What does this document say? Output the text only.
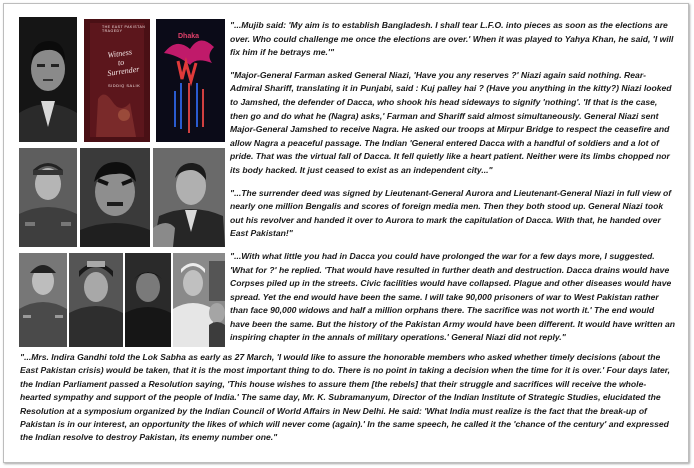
THE EAST PAKISTAN TRAGEDY
Witness
to
Surrender
SIDDIQ SALIK
Dhaka

"...Mujib said: 'My aim is to establish Bangladesh. I shall tear L.F.O. into pieces as soon as the elections are over. Who could challenge me once the elections are over.' When it was played to Yahya Khan, he said, 'I will fix him if he betrays me.'"

"Major-General Farman asked General Niazi, 'Have you any reserves ?' Niazi again said nothing. Rear-Admiral Shariff, translating it in Punjabi, said : Kuj palley hai ? (Have you anything in the kitty?) Niazi looked to Jamshed, the defender of Dacca, who shook his head sideways to signify 'nothing'. 'If that is the case, then go and do what he (Nagra) asks,' Farman and Shariff said almost simultaneously. General Niazi sent Major-General Jamshed to receive Nagra. He asked our troops at Mirpur Bridge to respect the ceasefire and allow Nagra a peaceful passage. The Indian 'General entered Dacca with a handful of soldiers and a lot of pride. That was the virtual fall of Dacca. It fell quietly like a heart patient. Neither were its limbs chopped nor its body hacked. It just ceased to exist as an independent city..."

"...The surrender deed was signed by Lieutenant-General Aurora and Lieutenant-General Niazi in full view of nearly one million Bengalis and scores of foreign media men. Then they both stood up. General Niazi took out his revolver and handed it over to Aurora to mark the capitulation of Dacca. With that, he handed over East Pakistan!"

"...With what little you had in Dacca you could have prolonged the war for a few days more, I suggested. 'What for ?' he replied. 'That would have resulted in further death and destruction. Dacca drains would have Corpses piled up in the streets. Civic facilities would have collapsed. Plague and other diseases would have spread. Yet the end would have been the same. I will take 90,000 prisoners of war to West Pakistan rather than face 90,000 widows and half a million orphans there. The sacrifice was not worth it.' The end would have been the same. But the history of the Pakistan Army would have been different. It would have written an inspiring chapter in the annals of military operations.' General Niazi did not reply."

"...Mrs. Indira Gandhi told the Lok Sabha as early as 27 March, 'I would like to assure the honorable members who asked whether timely decisions (about the East Pakistan crisis) would be taken, that it is the most important thing to do. There is no point in taking a decision when the time for it is over.' Four days later, the Indian Parliament passed a Resolution saying, 'This house wishes to assure them [the rebels] that their struggle and sacrifices will receive the whole-hearted sympathy and support of the people of India.' The same day, Mr. K. Subramanyum, Director of the Indian Institute of Strategic Studies, elucidated the Resolution at a symposium organized by the Indian Council of World Affairs in New Delhi. He said: 'What India must realize is the fact that the break-up of Pakistan is in our interest, an opportunity the likes of which will never come (again).' In the same speech, he called it the 'chance of the century' and expressed the Indian resolve to destroy Pakistan, its enemy number one."
